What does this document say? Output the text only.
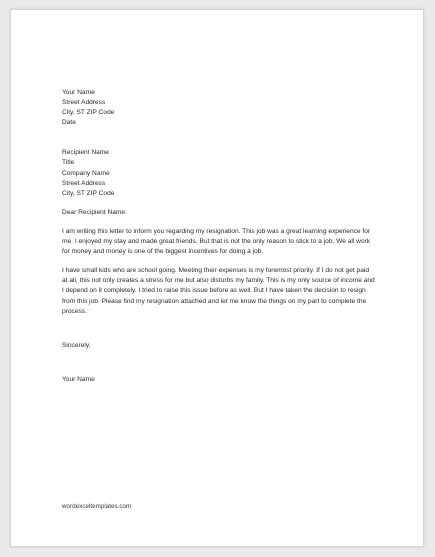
Your Name
Street Address
City, ST ZIP Code
Date
Recipient Name
Title
Company Name
Street Address
City, ST ZIP Code
Dear Recipient Name:

I am writing this letter to inform you regarding my resignation. This job was a great learning experience for me. I enjoyed my stay and made great friends. But that is not the only reason to stick to a job. We all work for money and money is one of the biggest incentives for doing a job.

I have small kids who are school going. Meeting their expenses is my foremost priority. If I do not get paid at all, this not only creates a stress for me but also disturbs my family. This is my only source of income and I depend on it completely. I tried to raise this issue before as well. But I have taken the decision to resign from this job. Please find my resignation attached and let me know the things on my part to complete the process.

Sincerely,
Your Name
wordexceltemplates.com
